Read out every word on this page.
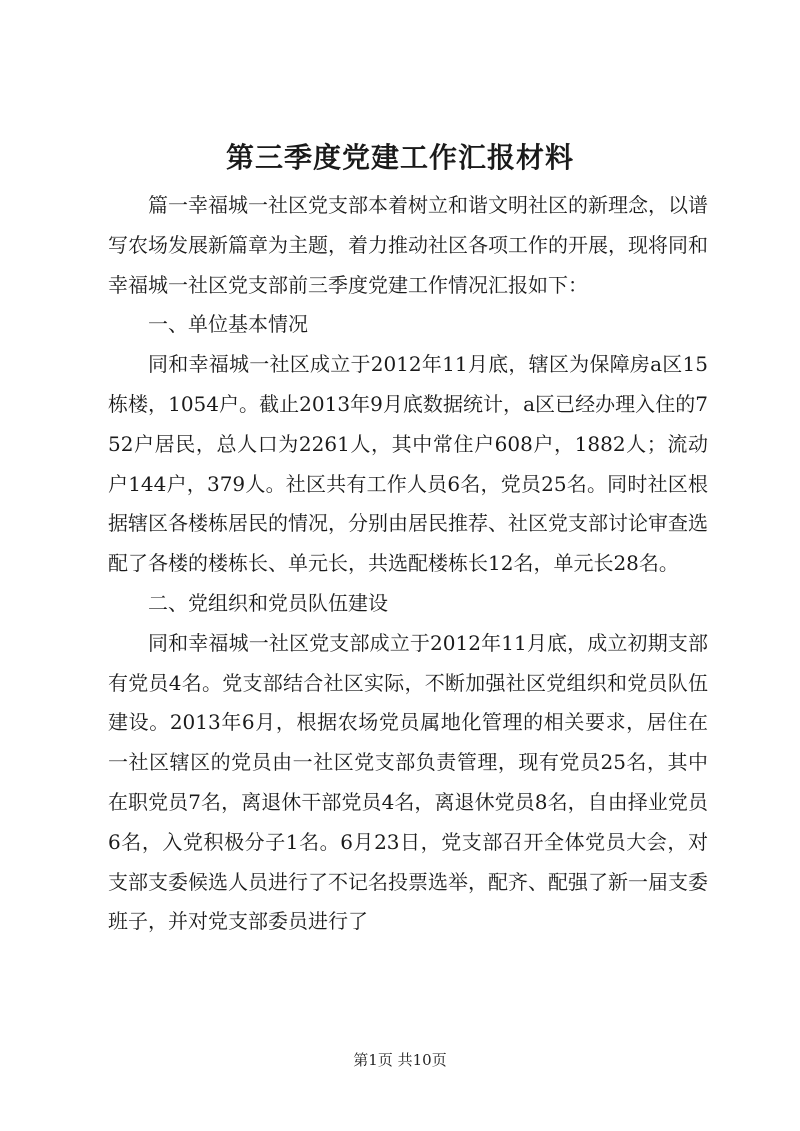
第三季度党建工作汇报材料

篇一幸福城一社区党支部本着树立和谐文明社区的新理念，以谱写农场发展新篇章为主题，着力推动社区各项工作的开展，现将同和幸福城一社区党支部前三季度党建工作情况汇报如下：

一、单位基本情况

同和幸福城一社区成立于2012年11月底，辖区为保障房a区15栋楼，1054户。截止2013年9月底数据统计，a区已经办理入住的752户居民，总人口为2261人，其中常住户608户，1882人；流动户144户，379人。社区共有工作人员6名，党员25名。同时社区根据辖区各楼栋居民的情况，分别由居民推荐、社区党支部讨论审查选配了各楼的楼栋长、单元长，共选配楼栋长12名，单元长28名。

二、党组织和党员队伍建设

同和幸福城一社区党支部成立于2012年11月底，成立初期支部有党员4名。党支部结合社区实际，不断加强社区党组织和党员队伍建设。2013年6月，根据农场党员属地化管理的相关要求，居住在一社区辖区的党员由一社区党支部负责管理，现有党员25名，其中在职党员7名，离退休干部党员4名，离退休党员8名，自由择业党员6名，入党积极分子1名。6月23日，党支部召开全体党员大会，对支部支委候选人员进行了不记名投票选举，配齐、配强了新一届支委班子，并对党支部委员进行了

第1页 共10页
